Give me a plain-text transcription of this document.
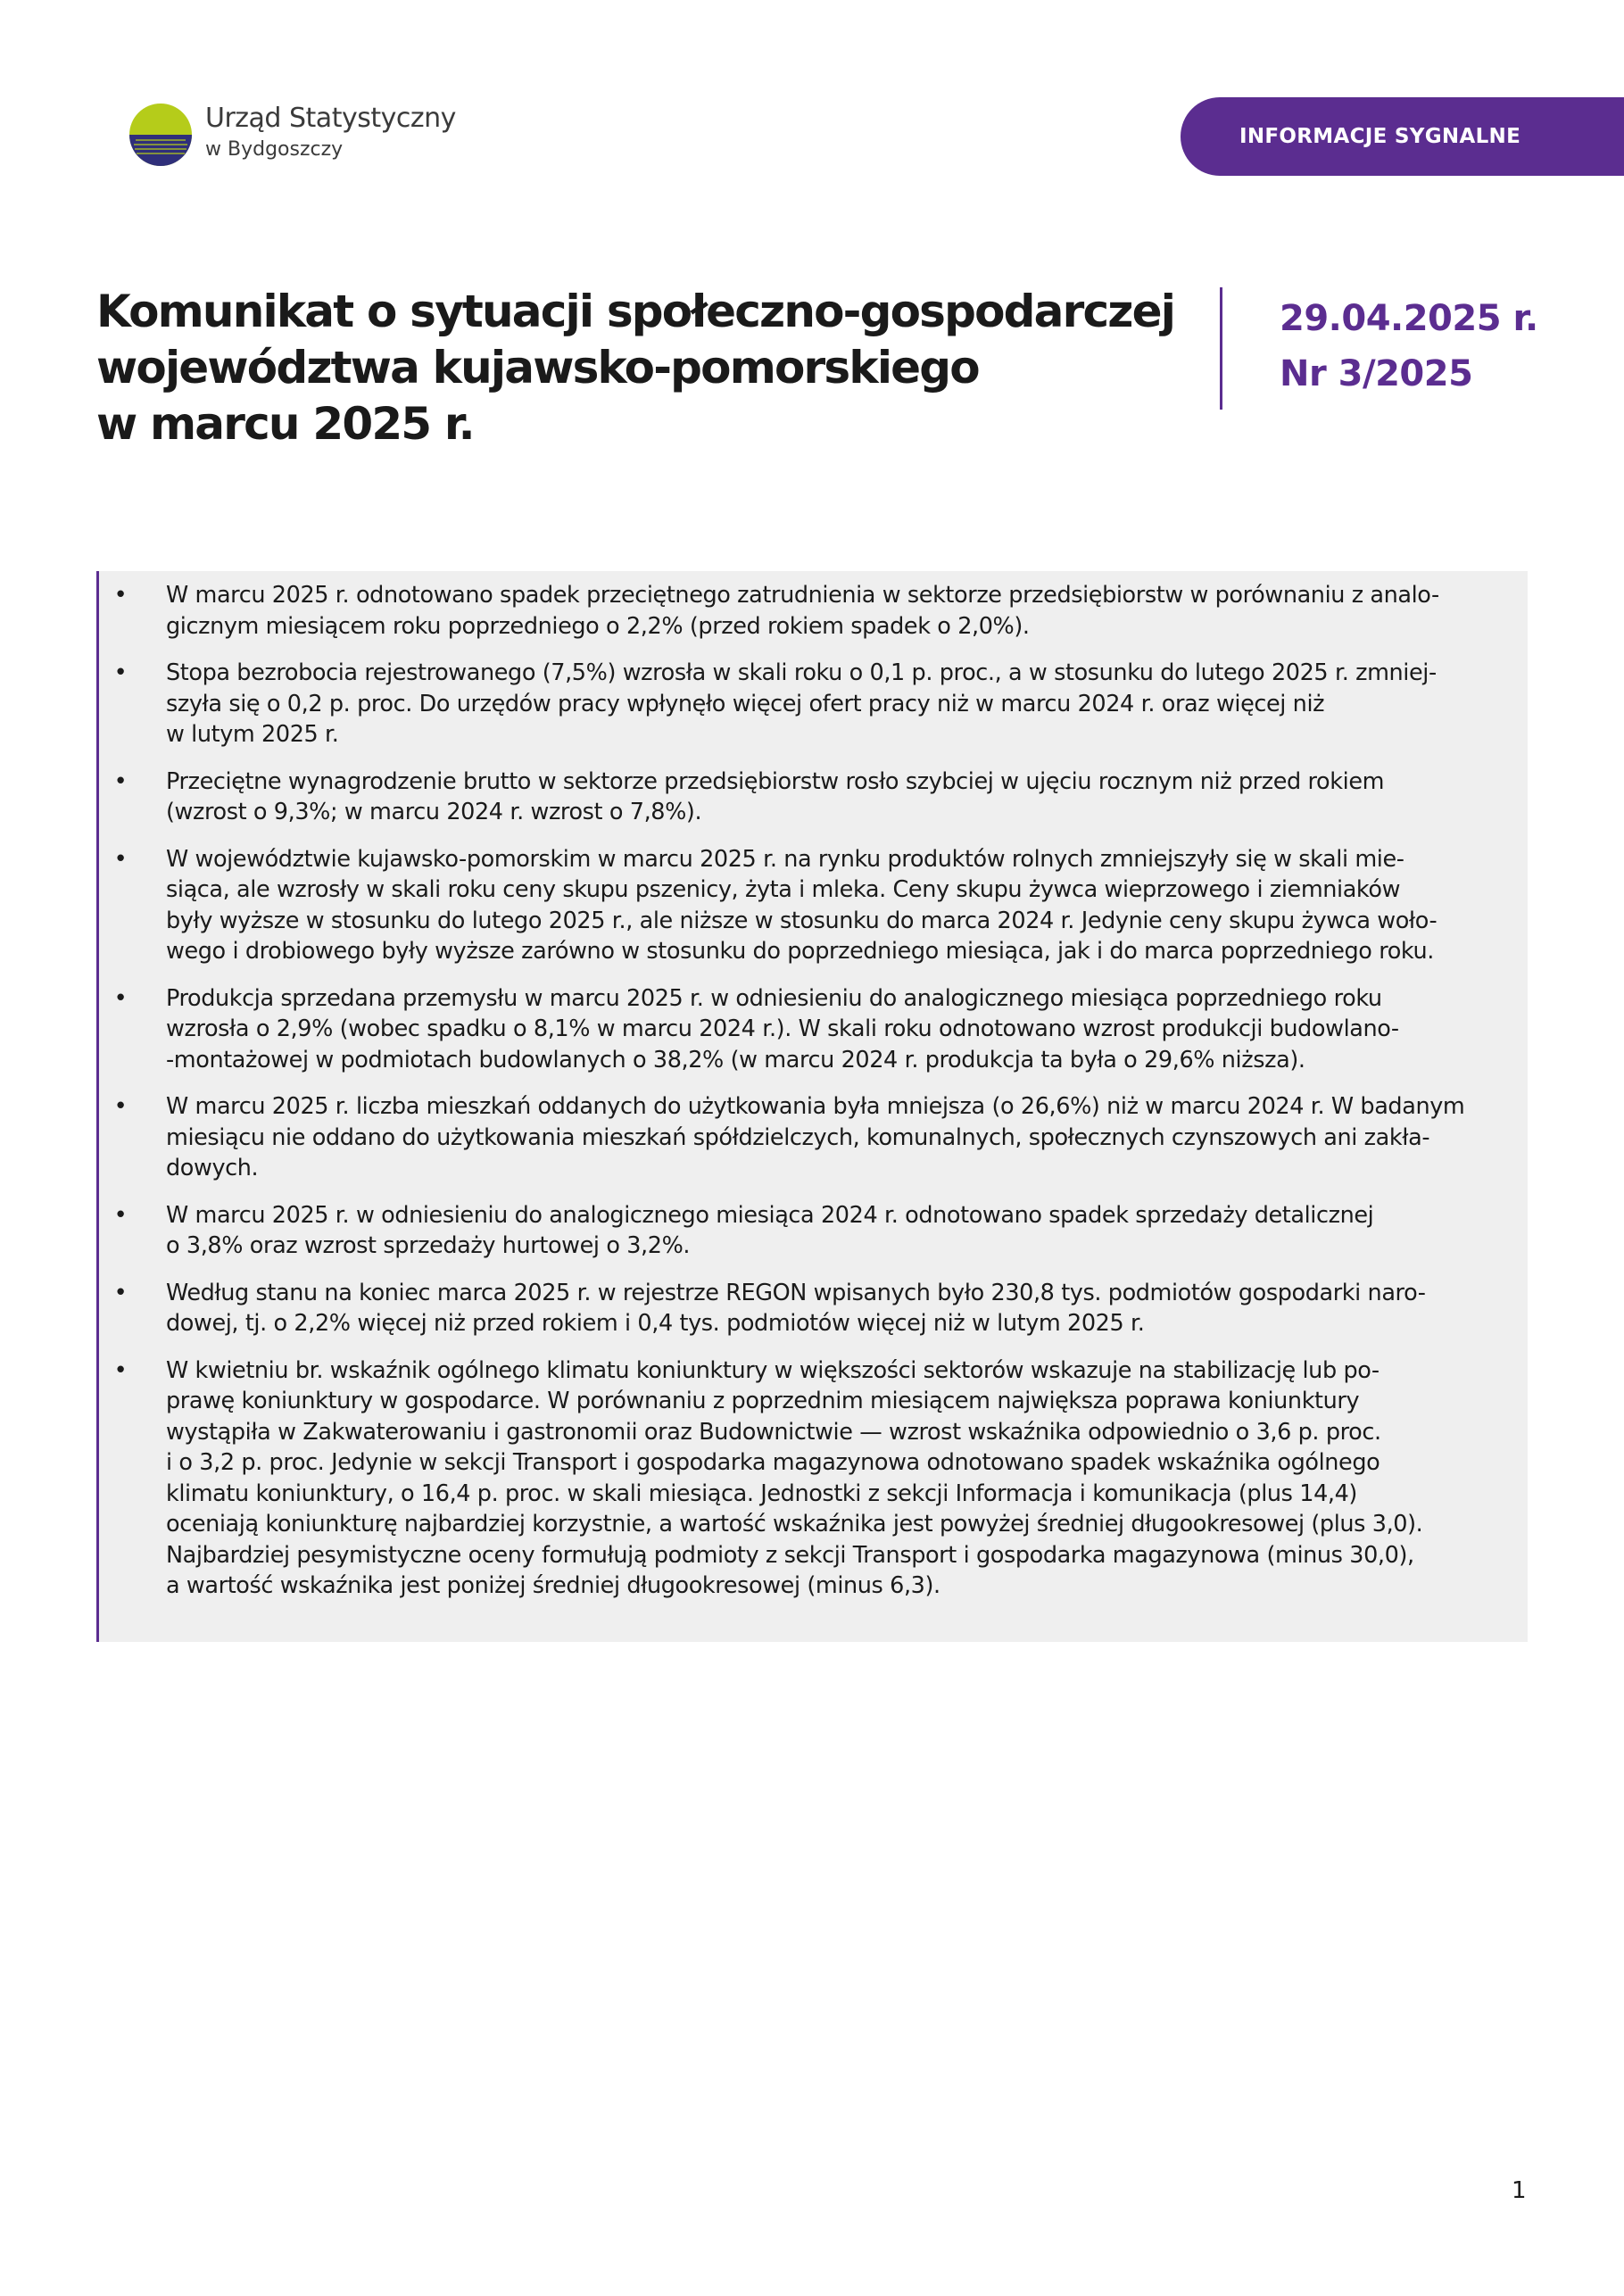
Urząd Statystyczny
w Bydgoszczy
INFORMACJE SYGNALNE
Komunikat o sytuacji społeczno-gospodarczej
województwa kujawsko-pomorskiego
w marcu 2025 r.
29.04.2025 r.
Nr 3/2025
• W marcu 2025 r. odnotowano spadek przeciętnego zatrudnienia w sektorze przedsiębiorstw w porównaniu z analo-
gicznym miesiącem roku poprzedniego o 2,2% (przed rokiem spadek o 2,0%).
• Stopa bezrobocia rejestrowanego (7,5%) wzrosła w skali roku o 0,1 p. proc., a w stosunku do lutego 2025 r. zmniej-
szyła się o 0,2 p. proc. Do urzędów pracy wpłynęło więcej ofert pracy niż w marcu 2024 r. oraz więcej niż
w lutym 2025 r.
• Przeciętne wynagrodzenie brutto w sektorze przedsiębiorstw rosło szybciej w ujęciu rocznym niż przed rokiem
(wzrost o 9,3%; w marcu 2024 r. wzrost o 7,8%).
• W województwie kujawsko-pomorskim w marcu 2025 r. na rynku produktów rolnych zmniejszyły się w skali mie-
siąca, ale wzrosły w skali roku ceny skupu pszenicy, żyta i mleka. Ceny skupu żywca wieprzowego i ziemniaków
były wyższe w stosunku do lutego 2025 r., ale niższe w stosunku do marca 2024 r. Jedynie ceny skupu żywca woło-
wego i drobiowego były wyższe zarówno w stosunku do poprzedniego miesiąca, jak i do marca poprzedniego roku.
• Produkcja sprzedana przemysłu w marcu 2025 r. w odniesieniu do analogicznego miesiąca poprzedniego roku
wzrosła o 2,9% (wobec spadku o 8,1% w marcu 2024 r.). W skali roku odnotowano wzrost produkcji budowlano-
-montażowej w podmiotach budowlanych o 38,2% (w marcu 2024 r. produkcja ta była o 29,6% niższa).
• W marcu 2025 r. liczba mieszkań oddanych do użytkowania była mniejsza (o 26,6%) niż w marcu 2024 r. W badanym
miesiącu nie oddano do użytkowania mieszkań spółdzielczych, komunalnych, społecznych czynszowych ani zakła-
dowych.
• W marcu 2025 r. w odniesieniu do analogicznego miesiąca 2024 r. odnotowano spadek sprzedaży detalicznej
o 3,8% oraz wzrost sprzedaży hurtowej o 3,2%.
• Według stanu na koniec marca 2025 r. w rejestrze REGON wpisanych było 230,8 tys. podmiotów gospodarki naro-
dowej, tj. o 2,2% więcej niż przed rokiem i 0,4 tys. podmiotów więcej niż w lutym 2025 r.
• W kwietniu br. wskaźnik ogólnego klimatu koniunktury w większości sektorów wskazuje na stabilizację lub po-
prawę koniunktury w gospodarce. W porównaniu z poprzednim miesiącem największa poprawa koniunktury
wystąpiła w Zakwaterowaniu i gastronomii oraz Budownictwie — wzrost wskaźnika odpowiednio o 3,6 p. proc.
i o 3,2 p. proc. Jedynie w sekcji Transport i gospodarka magazynowa odnotowano spadek wskaźnika ogólnego
klimatu koniunktury, o 16,4 p. proc. w skali miesiąca. Jednostki z sekcji Informacja i komunikacja (plus 14,4)
oceniają koniunkturę najbardziej korzystnie, a wartość wskaźnika jest powyżej średniej długookresowej (plus 3,0).
Najbardziej pesymistyczne oceny formułują podmioty z sekcji Transport i gospodarka magazynowa (minus 30,0),
a wartość wskaźnika jest poniżej średniej długookresowej (minus 6,3).
1
